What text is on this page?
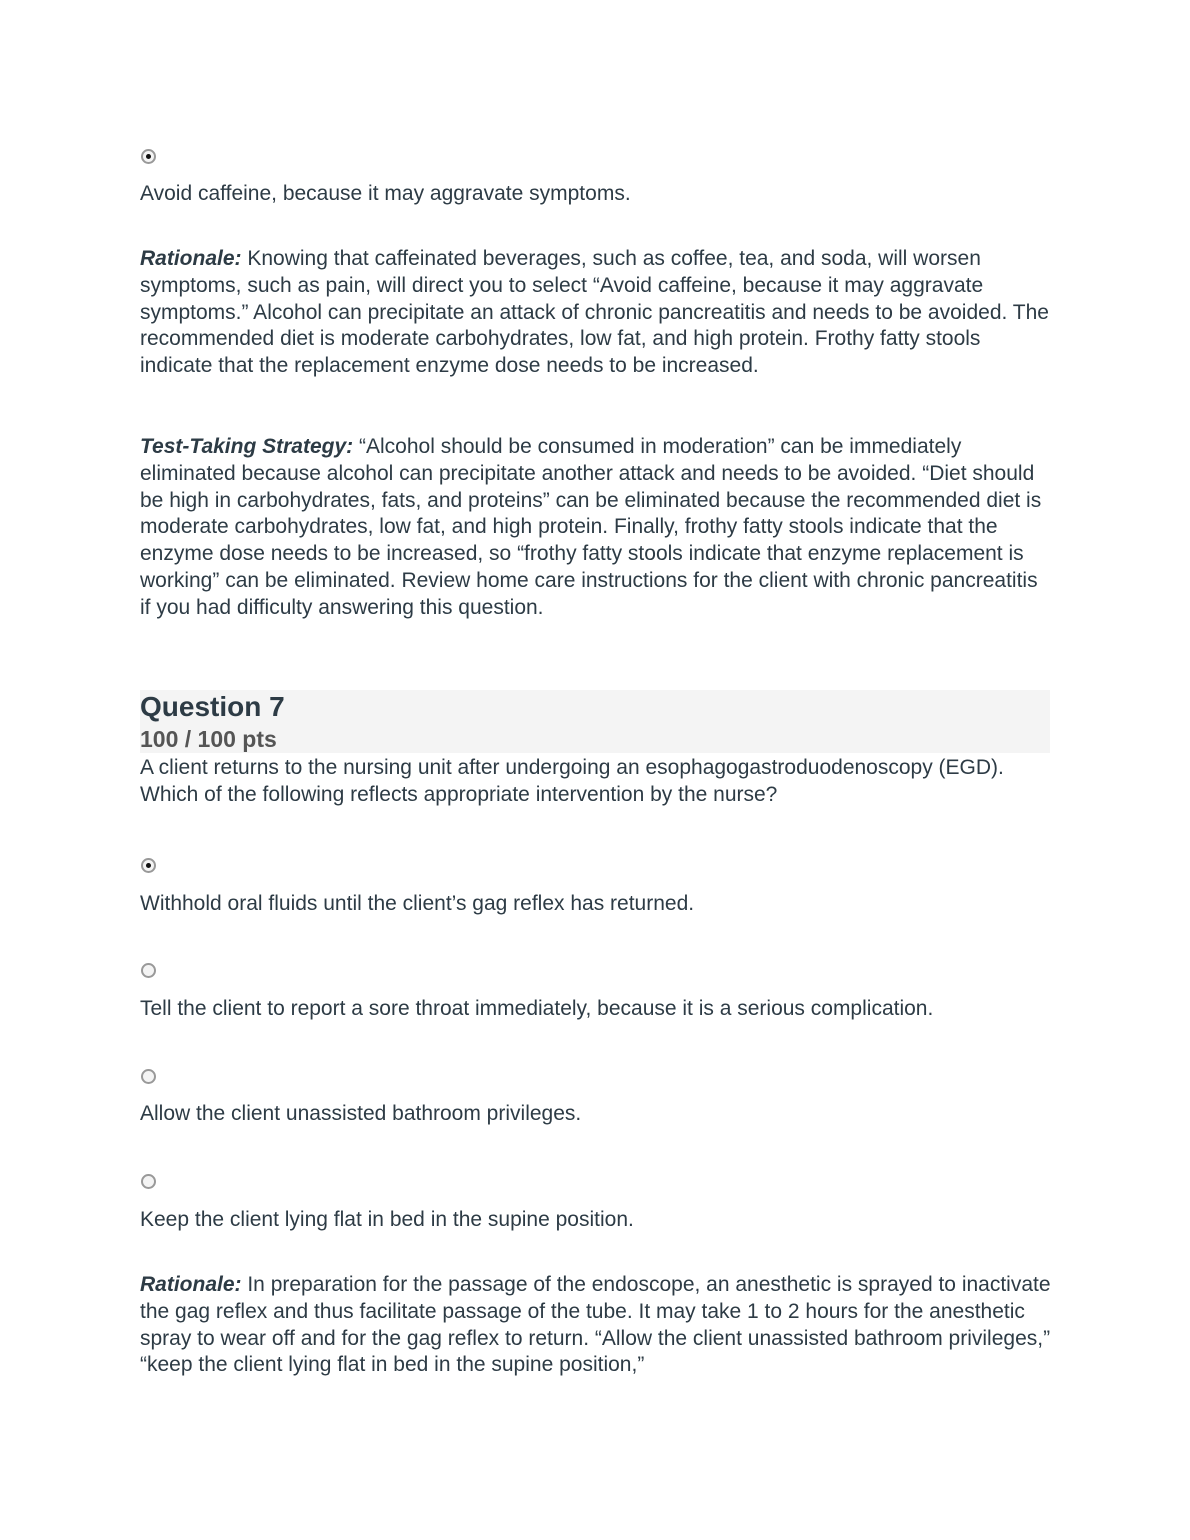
Avoid caffeine, because it may aggravate symptoms.
Rationale: Knowing that caffeinated beverages, such as coffee, tea, and soda, will worsen symptoms, such as pain, will direct you to select “Avoid caffeine, because it may aggravate symptoms.” Alcohol can precipitate an attack of chronic pancreatitis and needs to be avoided. The recommended diet is moderate carbohydrates, low fat, and high protein. Frothy fatty stools indicate that the replacement enzyme dose needs to be increased.
Test-Taking Strategy: “Alcohol should be consumed in moderation” can be immediately eliminated because alcohol can precipitate another attack and needs to be avoided. “Diet should be high in carbohydrates, fats, and proteins” can be eliminated because the recommended diet is moderate carbohydrates, low fat, and high protein. Finally, frothy fatty stools indicate that the enzyme dose needs to be increased, so “frothy fatty stools indicate that enzyme replacement is working” can be eliminated. Review home care instructions for the client with chronic pancreatitis if you had difficulty answering this question.
Question 7
100 / 100 pts
A client returns to the nursing unit after undergoing an esophagogastroduodenoscopy (EGD). Which of the following reflects appropriate intervention by the nurse?
Withhold oral fluids until the client’s gag reflex has returned.
Tell the client to report a sore throat immediately, because it is a serious complication.
Allow the client unassisted bathroom privileges.
Keep the client lying flat in bed in the supine position.
Rationale: In preparation for the passage of the endoscope, an anesthetic is sprayed to inactivate the gag reflex and thus facilitate passage of the tube. It may take 1 to 2 hours for the anesthetic spray to wear off and for the gag reflex to return. “Allow the client unassisted bathroom privileges,” “keep the client lying flat in bed in the supine position,”
